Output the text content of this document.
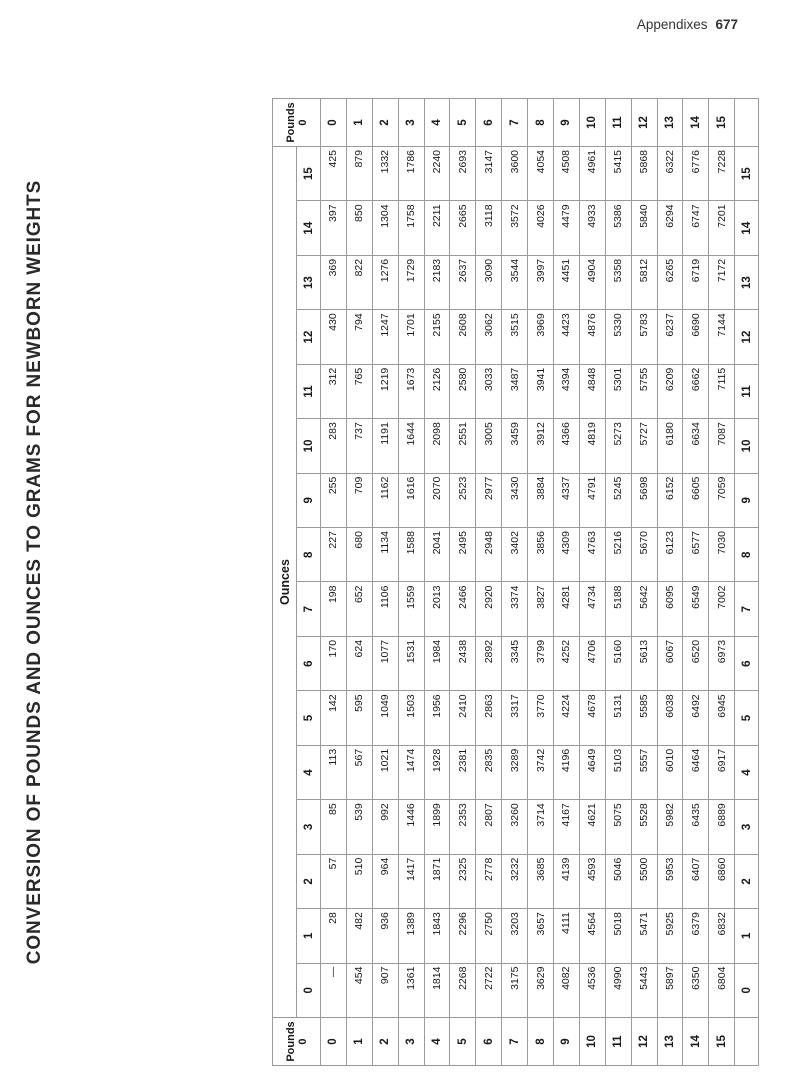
Appendixes 677
CONVERSION OF POUNDS AND OUNCES TO GRAMS FOR NEWBORN WEIGHTS
Pounds 0	Ounces																Pounds 0

	0	1	2	3	4	5	6	7	8	9	10	11	12	13	14	15	
0	—	28	57	85	113	142	170	198	227	255	283	312	430	369	397	425	0
1	454	482	510	539	567	595	624	652	680	709	737	765	794	822	850	879	1
2	907	936	964	992	1021	1049	1077	1106	1134	1162	1191	1219	1247	1276	1304	1332	2
3	1361	1389	1417	1446	1474	1503	1531	1559	1588	1616	1644	1673	1701	1729	1758	1786	3
4	1814	1843	1871	1899	1928	1956	1984	2013	2041	2070	2098	2126	2155	2183	2211	2240	4
5	2268	2296	2325	2353	2381	2410	2438	2466	2495	2523	2551	2580	2608	2637	2665	2693	5
6	2722	2750	2778	2807	2835	2863	2892	2920	2948	2977	3005	3033	3062	3090	3118	3147	6
7	3175	3203	3232	3260	3289	3317	3345	3374	3402	3430	3459	3487	3515	3544	3572	3600	7
8	3629	3657	3685	3714	3742	3770	3799	3827	3856	3884	3912	3941	3969	3997	4026	4054	8
9	4082	4111	4139	4167	4196	4224	4252	4281	4309	4337	4366	4394	4423	4451	4479	4508	9
10	4536	4564	4593	4621	4649	4678	4706	4734	4763	4791	4819	4848	4876	4904	4933	4961	10
11	4990	5018	5046	5075	5103	5131	5160	5188	5216	5245	5273	5301	5330	5358	5386	5415	11
12	5443	5471	5500	5528	5557	5585	5613	5642	5670	5698	5727	5755	5783	5812	5840	5868	12
13	5897	5925	5953	5982	6010	6038	6067	6095	6123	6152	6180	6209	6237	6265	6294	6322	13
14	6350	6379	6407	6435	6464	6492	6520	6549	6577	6605	6634	6662	6690	6719	6747	6776	14
15	6804	6832	6860	6889	6917	6945	6973	7002	7030	7059	7087	7115	7144	7172	7201	7228	15
	0	1	2	3	4	5	6	7	8	9	10	11	12	13	14	15	
